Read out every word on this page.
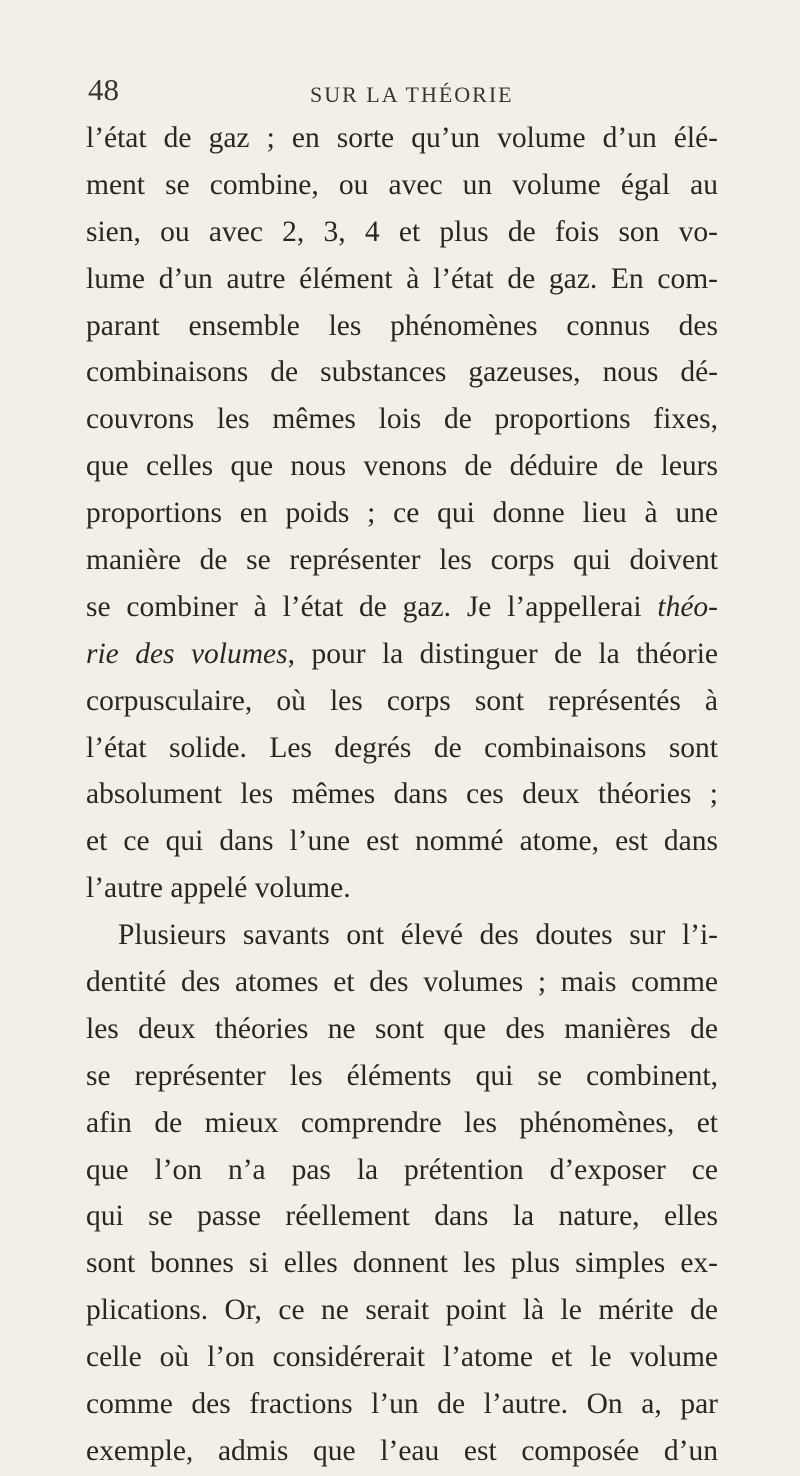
48	SUR LA THÉORIE
l’état de gaz ; en sorte qu’un volume d’un élé-
ment se combine, ou avec un volume égal au
sien, ou avec 2, 3, 4 et plus de fois son vo-
lume d’un autre élément à l’état de gaz. En com-
parant ensemble les phénomènes connus des
combinaisons de substances gazeuses, nous dé-
couvrons les mêmes lois de proportions fixes,
que celles que nous venons de déduire de leurs
proportions en poids ; ce qui donne lieu à une
manière de se représenter les corps qui doivent
se combiner à l’état de gaz. Je l’appellerai théo-
rie des volumes, pour la distinguer de la théorie
corpusculaire, où les corps sont représentés à
l’état solide. Les degrés de combinaisons sont
absolument les mêmes dans ces deux théories ;
et ce qui dans l’une est nommé atome, est dans
l’autre appelé volume.
Plusieurs savants ont élevé des doutes sur l’i-
dentité des atomes et des volumes ; mais comme
les deux théories ne sont que des manières de
se représenter les éléments qui se combinent,
afin de mieux comprendre les phénomènes, et
que l’on n’a pas la prétention d’exposer ce
qui se passe réellement dans la nature, elles
sont bonnes si elles donnent les plus simples ex-
plications. Or, ce ne serait point là le mérite de
celle où l’on considérerait l’atome et le volume
comme des fractions l’un de l’autre. On a, par
exemple, admis que l’eau est composée d’un
